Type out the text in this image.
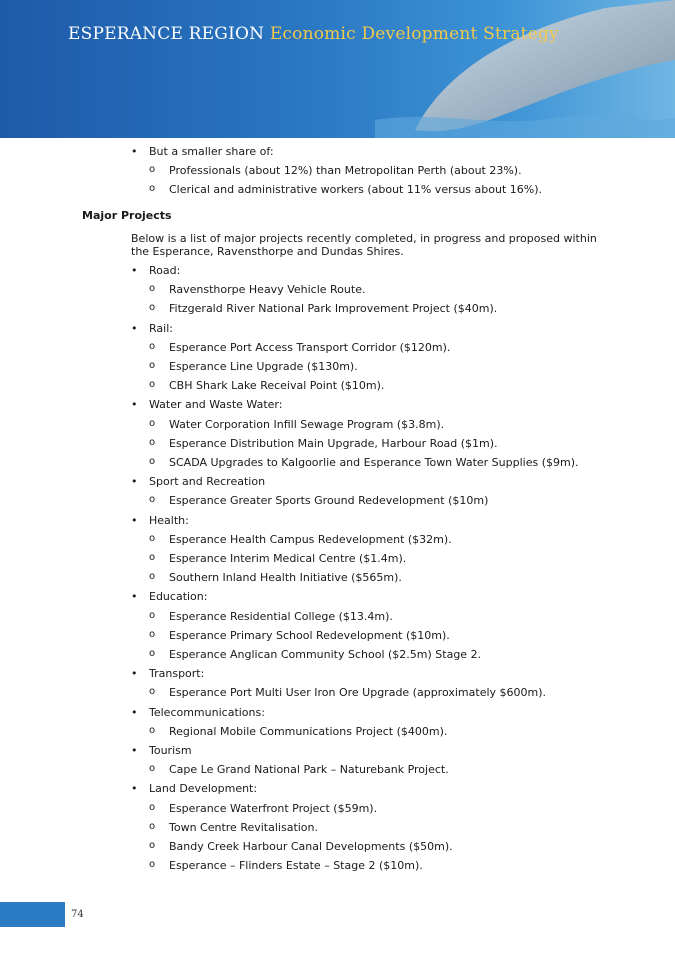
ESPERANCE REGION Economic Development Strategy
Major Projects
Below is a list of major projects recently completed, in progress and proposed within the Esperance, Ravensthorpe and Dundas Shires.
• But a smaller share of:
o Professionals (about 12%) than Metropolitan Perth (about 23%).
o Clerical and administrative workers (about 11% versus about 16%).
• Road:
o Ravensthorpe Heavy Vehicle Route.
o Fitzgerald River National Park Improvement Project ($40m).
• Rail:
o Esperance Port Access Transport Corridor ($120m).
o Esperance Line Upgrade ($130m).
o CBH Shark Lake Receival Point ($10m).
• Water and Waste Water:
o Water Corporation Infill Sewage Program ($3.8m).
o Esperance Distribution Main Upgrade, Harbour Road ($1m).
o SCADA Upgrades to Kalgoorlie and Esperance Town Water Supplies ($9m).
• Sport and Recreation
o Esperance Greater Sports Ground Redevelopment ($10m)
• Health:
o Esperance Health Campus Redevelopment ($32m).
o Esperance Interim Medical Centre ($1.4m).
o Southern Inland Health Initiative ($565m).
• Education:
o Esperance Residential College ($13.4m).
o Esperance Primary School Redevelopment ($10m).
o Esperance Anglican Community School ($2.5m) Stage 2.
• Transport:
o Esperance Port Multi User Iron Ore Upgrade (approximately $600m).
• Telecommunications:
o Regional Mobile Communications Project ($400m).
• Tourism
o Cape Le Grand National Park – Naturebank Project.
• Land Development:
o Esperance Waterfront Project ($59m).
o Town Centre Revitalisation.
o Bandy Creek Harbour Canal Developments ($50m).
o Esperance – Flinders Estate – Stage 2 ($10m).
74
